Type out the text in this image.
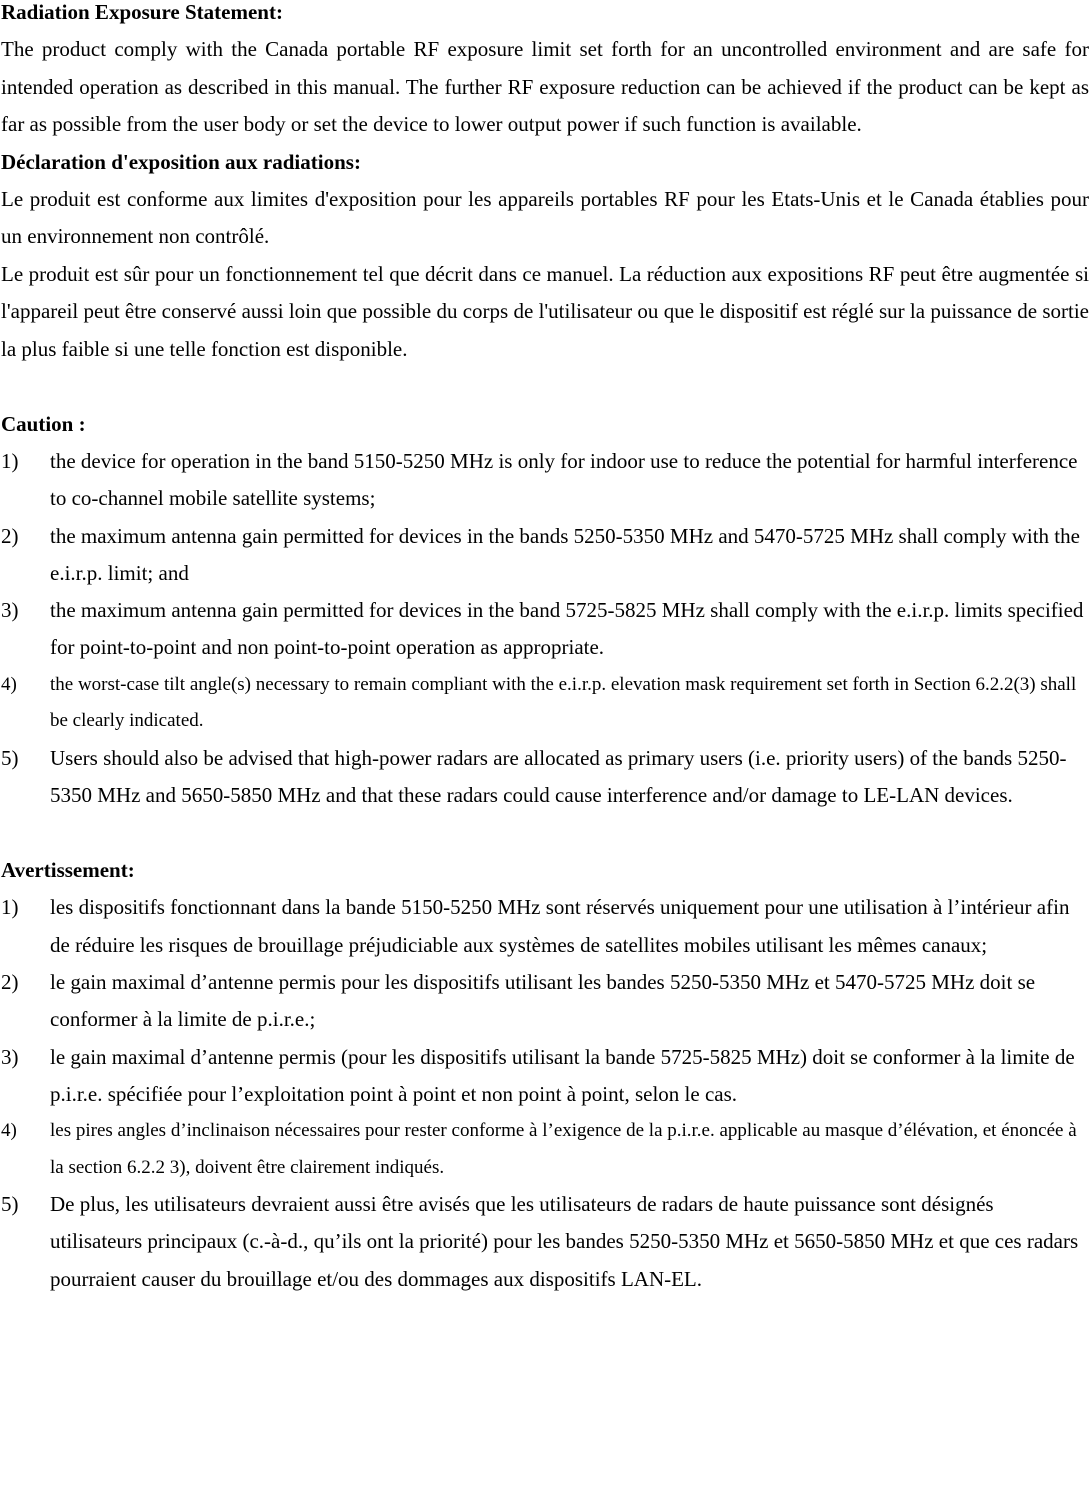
Radiation Exposure Statement:

The product comply with the Canada portable RF exposure limit set forth for an uncontrolled environment and are safe for intended operation as described in this manual. The further RF exposure reduction can be achieved if the product can be kept as far as possible from the user body or set the device to lower output power if such function is available.

Déclaration d'exposition aux radiations:

Le produit est conforme aux limites d'exposition pour les appareils portables RF pour les Etats-Unis et le Canada établies pour un environnement non contrôlé.

Le produit est sûr pour un fonctionnement tel que décrit dans ce manuel. La réduction aux expositions RF peut être augmentée si l'appareil peut être conservé aussi loin que possible du corps de l'utilisateur ou que le dispositif est réglé sur la puissance de sortie la plus faible si une telle fonction est disponible.

Caution :

1)	the device for operation in the band 5150-5250 MHz is only for indoor use to reduce the potential for harmful interference to co-channel mobile satellite systems;
2)	the maximum antenna gain permitted for devices in the bands 5250-5350 MHz and 5470-5725 MHz shall comply with the e.i.r.p. limit; and
3)	the maximum antenna gain permitted for devices in the band 5725-5825 MHz shall comply with the e.i.r.p. limits specified for point-to-point and non point-to-point operation as appropriate.
4)	the worst-case tilt angle(s) necessary to remain compliant with the e.i.r.p. elevation mask requirement set forth in Section 6.2.2(3) shall be clearly indicated.
5)	Users should also be advised that high-power radars are allocated as primary users (i.e. priority users) of the bands 5250-5350 MHz and 5650-5850 MHz and that these radars could cause interference and/or damage to LE-LAN devices.

Avertissement:

1)	les dispositifs fonctionnant dans la bande 5150-5250 MHz sont réservés uniquement pour une utilisation à l’intérieur afin de réduire les risques de brouillage préjudiciable aux systèmes de satellites mobiles utilisant les mêmes canaux;
2)	le gain maximal d’antenne permis pour les dispositifs utilisant les bandes 5250-5350 MHz et 5470-5725 MHz doit se conformer à la limite de p.i.r.e.;
3)	le gain maximal d’antenne permis (pour les dispositifs utilisant la bande 5725-5825 MHz) doit se conformer à la limite de p.i.r.e. spécifiée pour l’exploitation point à point et non point à point, selon le cas.
4)	les pires angles d’inclinaison nécessaires pour rester conforme à l’exigence de la p.i.r.e. applicable au masque d’élévation, et énoncée à la section 6.2.2 3), doivent être clairement indiqués.
5)	De plus, les utilisateurs devraient aussi être avisés que les utilisateurs de radars de haute puissance sont désignés utilisateurs principaux (c.-à-d., qu’ils ont la priorité) pour les bandes 5250-5350 MHz et 5650-5850 MHz et que ces radars pourraient causer du brouillage et/ou des dommages aux dispositifs LAN-EL.
